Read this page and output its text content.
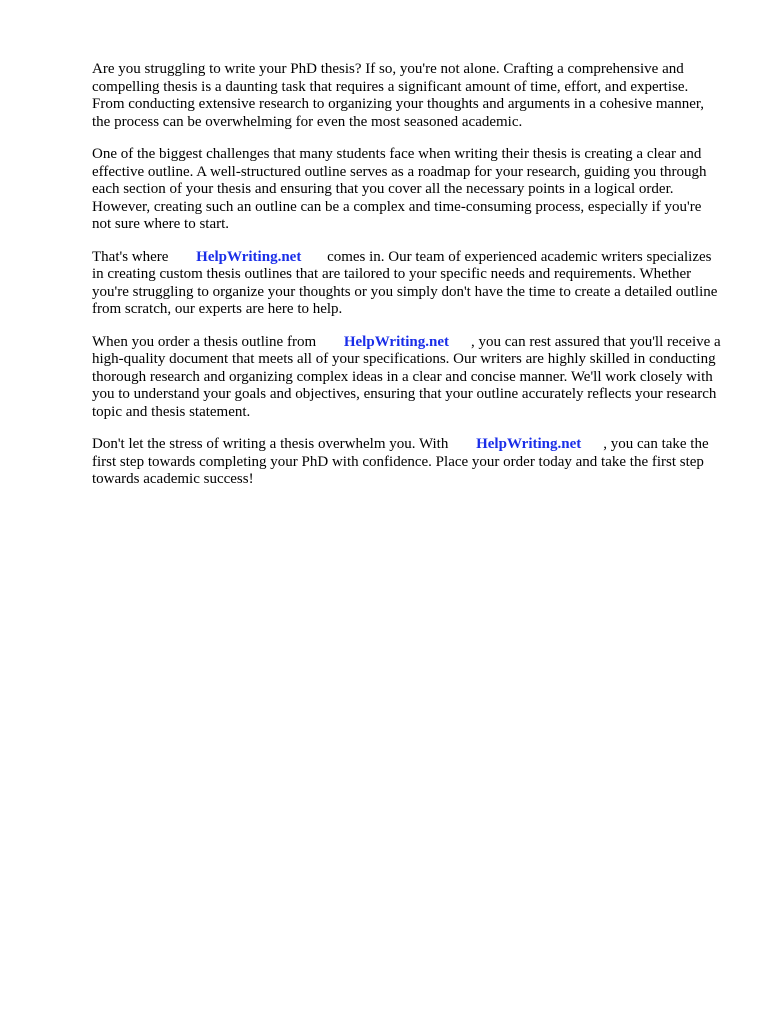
Are you struggling to write your PhD thesis? If so, you're not alone. Crafting a comprehensive and compelling thesis is a daunting task that requires a significant amount of time, effort, and expertise. From conducting extensive research to organizing your thoughts and arguments in a cohesive manner, the process can be overwhelming for even the most seasoned academic.

One of the biggest challenges that many students face when writing their thesis is creating a clear and effective outline. A well-structured outline serves as a roadmap for your research, guiding you through each section of your thesis and ensuring that you cover all the necessary points in a logical order. However, creating such an outline can be a complex and time-consuming process, especially if you're not sure where to start.

That's where HelpWriting.net comes in. Our team of experienced academic writers specializes in creating custom thesis outlines that are tailored to your specific needs and requirements. Whether you're struggling to organize your thoughts or you simply don't have the time to create a detailed outline from scratch, our experts are here to help.

When you order a thesis outline from HelpWriting.net , you can rest assured that you'll receive a high-quality document that meets all of your specifications. Our writers are highly skilled in conducting thorough research and organizing complex ideas in a clear and concise manner. We'll work closely with you to understand your goals and objectives, ensuring that your outline accurately reflects your research topic and thesis statement.

Don't let the stress of writing a thesis overwhelm you. With HelpWriting.net , you can take the first step towards completing your PhD with confidence. Place your order today and take the first step towards academic success!
